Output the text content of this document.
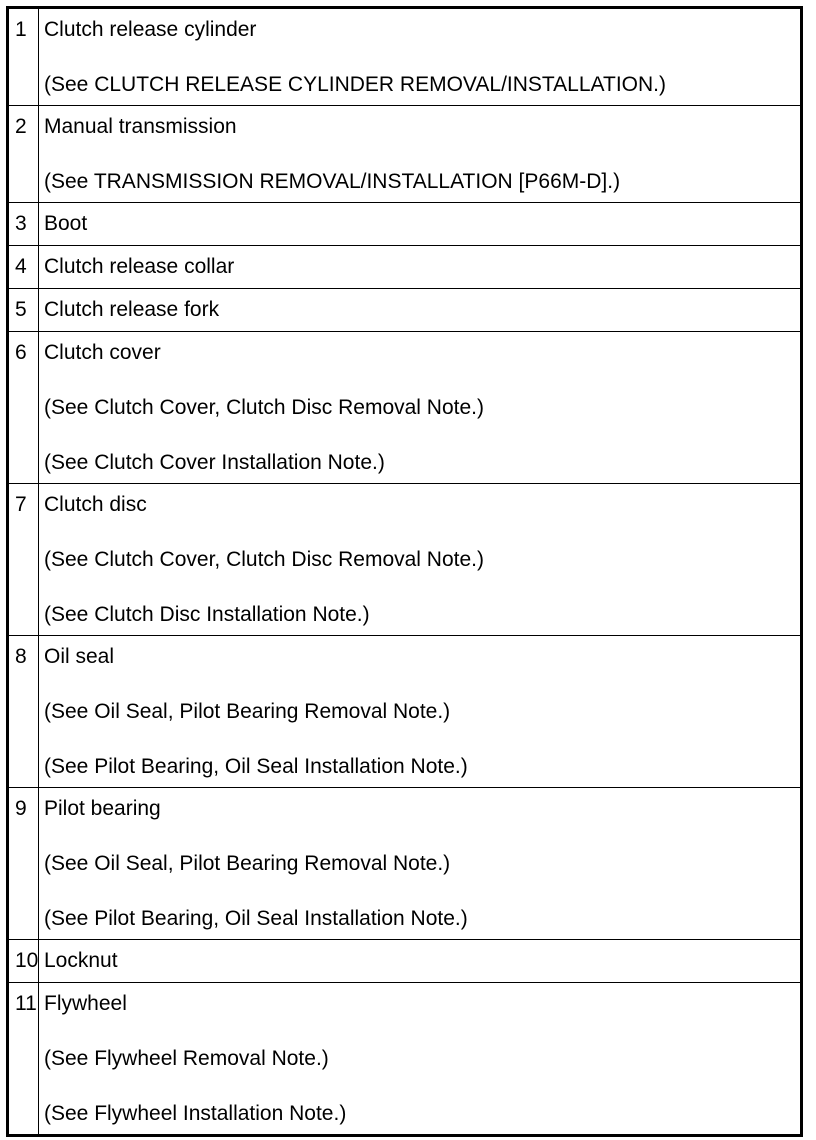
1	Clutch release cylinder
(See CLUTCH RELEASE CYLINDER REMOVAL/INSTALLATION.)

2	Manual transmission
(See TRANSMISSION REMOVAL/INSTALLATION [P66M-D].)

3	Boot

4	Clutch release collar

5	Clutch release fork

6	Clutch cover
(See Clutch Cover, Clutch Disc Removal Note.)
(See Clutch Cover Installation Note.)

7	Clutch disc
(See Clutch Cover, Clutch Disc Removal Note.)
(See Clutch Disc Installation Note.)

8	Oil seal
(See Oil Seal, Pilot Bearing Removal Note.)
(See Pilot Bearing, Oil Seal Installation Note.)

9	Pilot bearing
(See Oil Seal, Pilot Bearing Removal Note.)
(See Pilot Bearing, Oil Seal Installation Note.)

10	Locknut

11	Flywheel
(See Flywheel Removal Note.)
(See Flywheel Installation Note.)
